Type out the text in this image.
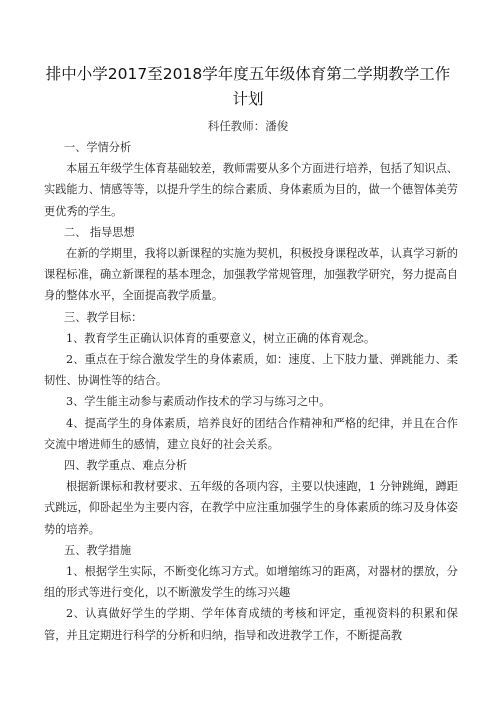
排中小学2017至2018学年度五年级体育第二学期教学工作计划
科任教师：潘俊

一、学情分析

本届五年级学生体育基础较差，教师需要从多个方面进行培养，包括了知识点、实践能力、情感等等，以提升学生的综合素质、身体素质为目的，做一个德智体美劳更优秀的学生。

二、 指导思想

在新的学期里，我将以新课程的实施为契机，积极投身课程改革，认真学习新的课程标准，确立新课程的基本理念，加强教学常规管理，加强教学研究，努力提高自身的整体水平，全面提高教学质量。

三、教学目标：

1、教育学生正确认识体育的重要意义，树立正确的体育观念。

2、重点在于综合激发学生的身体素质，如：速度、上下肢力量、弹跳能力、柔韧性、协调性等的结合。

3、学生能主动参与素质动作技术的学习与练习之中。

4、提高学生的身体素质，培养良好的团结合作精神和严格的纪律，并且在合作交流中增进师生的感情，建立良好的社会关系。

四、教学重点、难点分析

根据新课标和教材要求、五年级的各项内容，主要以快速跑，1 分钟跳绳，蹲距式跳远，仰卧起坐为主要内容，在教学中应注重加强学生的身体素质的练习及身体姿势的培养。

五、教学措施

1、根据学生实际，不断变化练习方式。如增缩练习的距离，对器材的摆放，分组的形式等进行变化，以不断激发学生的练习兴趣

2、认真做好学生的学期、学年体育成绩的考核和评定，重视资料的积累和保管，并且定期进行科学的分析和归纳，指导和改进教学工作，不断提高教
